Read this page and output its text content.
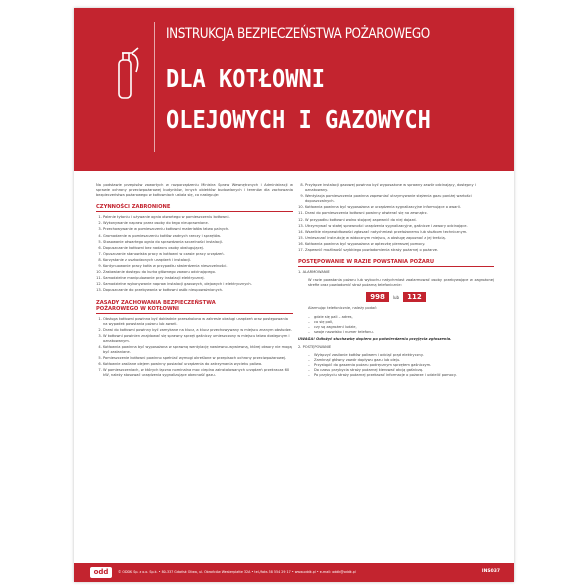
INSTRUKCJA BEZPIECZEŃSTWA POŻAROWEGO
DLA KOTŁOWNI
OLEJOWYCH I GAZOWYCH

Na podstawie przepisów zawartych w rozporządzeniu Ministra Spraw Wewnętrznych i Administracji w sprawie ochrony przeciwpożarowej budynków, innych obiektów budowlanych i terenów dla zachowania bezpieczeństwa pożarowego w kotłowniach ustala się, co następuje:

CZYNNOŚCI ZABRONIONE
1. Palenie tytoniu i używanie ognia otwartego w pomieszczeniu kotłowni.
2. Wykonywanie napraw przez osoby do tego nieuprawnione.
3. Przechowywanie w pomieszczeniu kotłowni materiałów łatwo palnych.
4. Gromadzenie w pomieszczeniu kotłów zadnych rzeczy i sprzętów.
5. Stosowanie otwartego ognia do sprawdzania szczelności instalacji.
6. Dopuszczanie kotłowni bez nadzoru osoby obsługującej.
7. Opuszczanie stanowiska pracy w kotłowni w czasie pracy urządzeń.
8. Korzystanie z uszkodzonych urządzeń i instalacji.
9. Kontynuowanie pracy kotła w przypadku stwierdzenia nieszczelności.
10. Zastawianie dostępu do kurka głównego zaworu odcinającego.
11. Samodzielne manipulowanie przy instalacji elektrycznej.
12. Samodzielne wykonywanie napraw instalacji gazowych, olejowych i elektrycznych.
13. Dopuszczanie do przebywania w kotłowni osób nieupoważnionych.
ZASADY ZACHOWANIA BEZPIECZEŃSTWA
POŻAROWEGO W KOTŁOWNI
1. Obsługa kotłowni powinna być dokładnie przeszkolona w zakresie obsługi urządzeń oraz postępowania na wypadek powstania pożaru lub awarii.
2. Drzwi do kotłowni powinny być zamykane na klucz, a klucz przechowywany w miejscu znanym obsłudze.
3. W kotłowni powinien znajdować się sprawny sprzęt gaśniczy umieszczony w miejscu łatwo dostępnym i oznakowanym.
4. Kotłownia powinna być wyposażona w sprawną wentylację nawiewno-wywiewną, której otwory nie mogą być zasłaniane.
5. Pomieszczenie kotłowni powinno spełniać wymogi określone w przepisach ochrony przeciwpożarowej.
6. Kotłownie zasilane olejem powinny posiadać urządzenia do zatrzymania wycieku paliwa.
7. W pomieszczeniach, w których łączna nominalna moc cieplna zainstalowanych urządzeń przekracza 60 kW, należy stosować urządzenia sygnalizujące obecność gazu.
8. Przyłącze instalacji gazowej powinno być wyposażone w sprawny zawór odcinający, dostępny i oznakowany.
9. Wentylacja pomieszczenia powinna zapewniać utrzymywanie stężenia gazu poniżej wartości dopuszczalnych.
10. Kotłownia powinna być wyposażona w urządzenia sygnalizacyjne informujące o awarii.
11. Drzwi do pomieszczenia kotłowni powinny otwierać się na zewnątrz.
12. W przypadku kotłowni wolno stojącej zapewnić do niej dojazd.
13. Utrzymywać w stałej sprawności urządzenia sygnalizacyjne, gaśnicze i zawory odcinające.
14. Wszelkie nieprawidłowości zgłaszać natychmiast przełożonemu lub służbom technicznym.
15. Umieszczać instrukcję w widocznym miejscu, a obsługę zapoznać z jej treścią.
16. Kotłownia powinna być wyposażona w apteczkę pierwszej pomocy.
17. Zapewnić możliwość szybkiego powiadomienia straży pożarnej o pożarze.
POSTĘPOWANIE W RAZIE POWSTANIA POŻARU
1. ALARMOWANIE
W razie powstania pożaru lub wybuchu natychmiast zaalarmować osoby przebywające w zagrożonej strefie oraz powiadomić straż pożarną telefonicznie:
998	lub	112
Alarmując telefonicznie, należy podać:
– gdzie się pali – adres,
– co się pali,
– czy są zagrożeni ludzie,
– swoje nazwisko i numer telefonu.
UWAGA! Odłożyć słuchawkę dopiero po potwierdzeniu przyjęcia zgłoszenia.
2. POSTĘPOWANIE
– Wyłączyć zasilanie kotłów paliwem i odciąć prąd elektryczny.
– Zamknąć główny zawór dopływu gazu lub oleju.
– Przystąpić do gaszenia pożaru podręcznym sprzętem gaśniczym.
– Do czasu przybycia straży pożarnej kierować akcją gaśniczą.
– Po przybyciu straży pożarnej przekazać informacje o pożarze i udzielić pomocy.
odd	© ODDK Sp. z o.o. Sp.k. • 80-337 Gdańsk Oliwa, ul. Obrońców Westerplatte 32A • tel./faks 58 554 29 17 • www.oddk.pl • e-mail: oddk@oddk.pl	INS037
